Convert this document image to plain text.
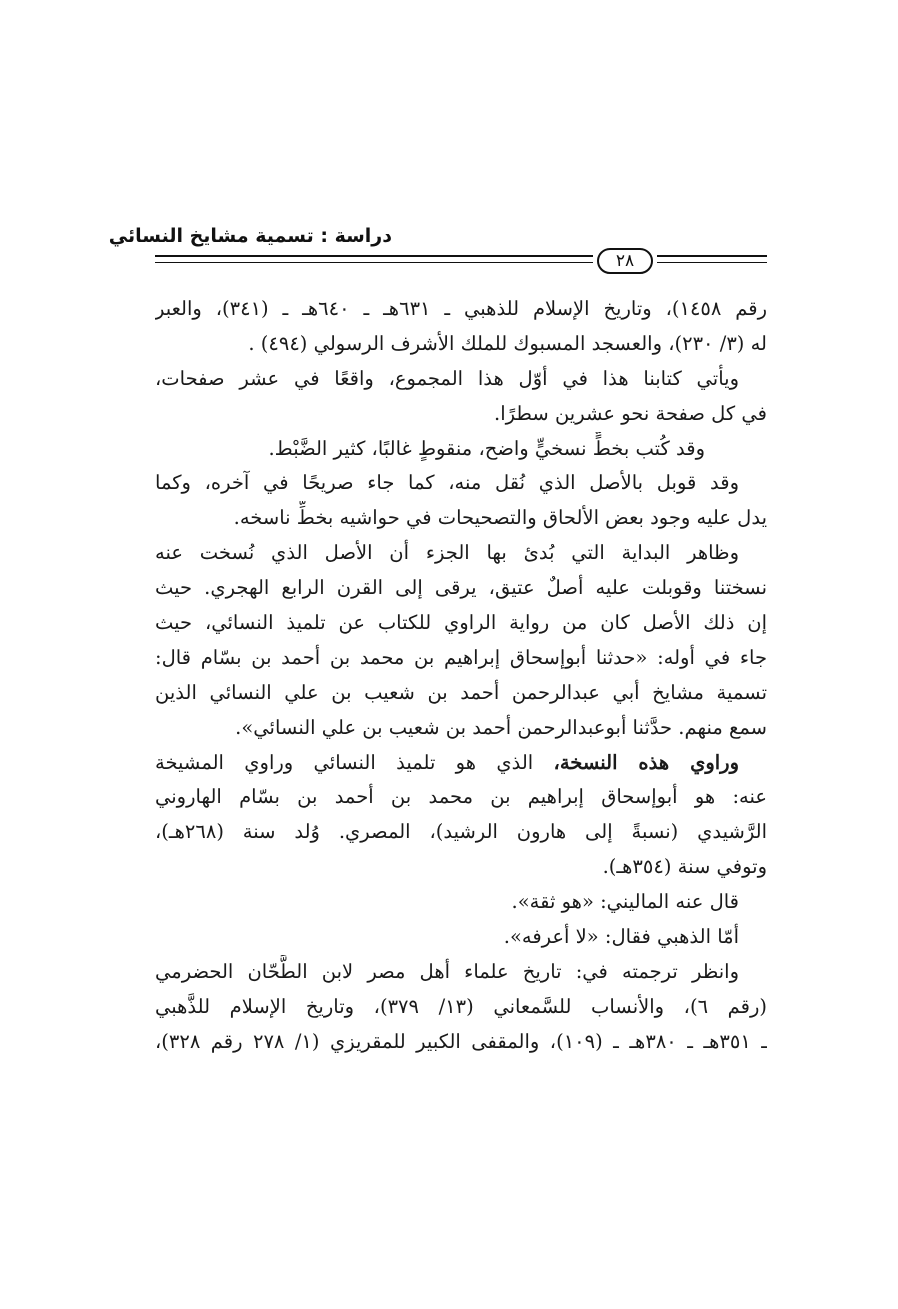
دراسة : تسمية مشايخ النسائي
٢٨
رقم ١٤٥٨)، وتاريخ الإسلام للذهبي ـ ٦٣١هـ ـ ٦٤٠هـ ـ (٣٤١)، والعبر
له (٣/ ٢٣٠)، والعسجد المسبوك للملك الأشرف الرسولي (٤٩٤) .
ويأتي كتابنا هذا في أوّل هذا المجموع، واقعًا في عشر صفحات،
في كل صفحة نحو عشرين سطرًا.
وقد كُتب بخطٍّ نسخيٍّ واضح، منقوطٍ غالبًا، كثير الضَّبْط.
وقد قوبل بالأصل الذي نُقل منه، كما جاء صريحًا في آخره، وكما
يدل عليه وجود بعض الألحاق والتصحيحات في حواشيه بخطِّ ناسخه.
وظاهر البداية التي بُدئ بها الجزء أن الأصل الذي نُسخت عنه
نسختنا وقوبلت عليه أصلٌ عتيق، يرقى إلى القرن الرابع الهجري. حيث
إن ذلك الأصل كان من رواية الراوي للكتاب عن تلميذ النسائي، حيث
جاء في أوله: «حدثنا أبوإسحاق إبراهيم بن محمد بن أحمد بن بسّام قال:
تسمية مشايخ أبي عبدالرحمن أحمد بن شعيب بن علي النسائي الذين
سمع منهم. حدَّثنا أبوعبدالرحمن أحمد بن شعيب بن علي النسائي».
وراوي هذه النسخة، الذي هو تلميذ النسائي وراوي المشيخة
عنه: هو أبوإسحاق إبراهيم بن محمد بن أحمد بن بسّام الهاروني
الرَّشيدي (نسبةً إلى هارون الرشيد)، المصري. وُلد سنة (٢٦٨هـ)،
وتوفي سنة (٣٥٤هـ).
قال عنه المالیني: «هو ثقة».
أمّا الذهبي فقال: «لا أعرفه».
وانظر ترجمته في: تاريخ علماء أهل مصر لابن الطَّحّان الحضرمي
(رقم ٦)، والأنساب للسَّمعاني (١٣/ ٣٧٩)، وتاريخ الإسلام للذَّهبي
ـ ٣٥١هـ ـ ٣٨٠هـ ـ (١٠٩)، والمقفى الكبير للمقريزي (١/ ٢٧٨ رقم ٣٢٨)،
